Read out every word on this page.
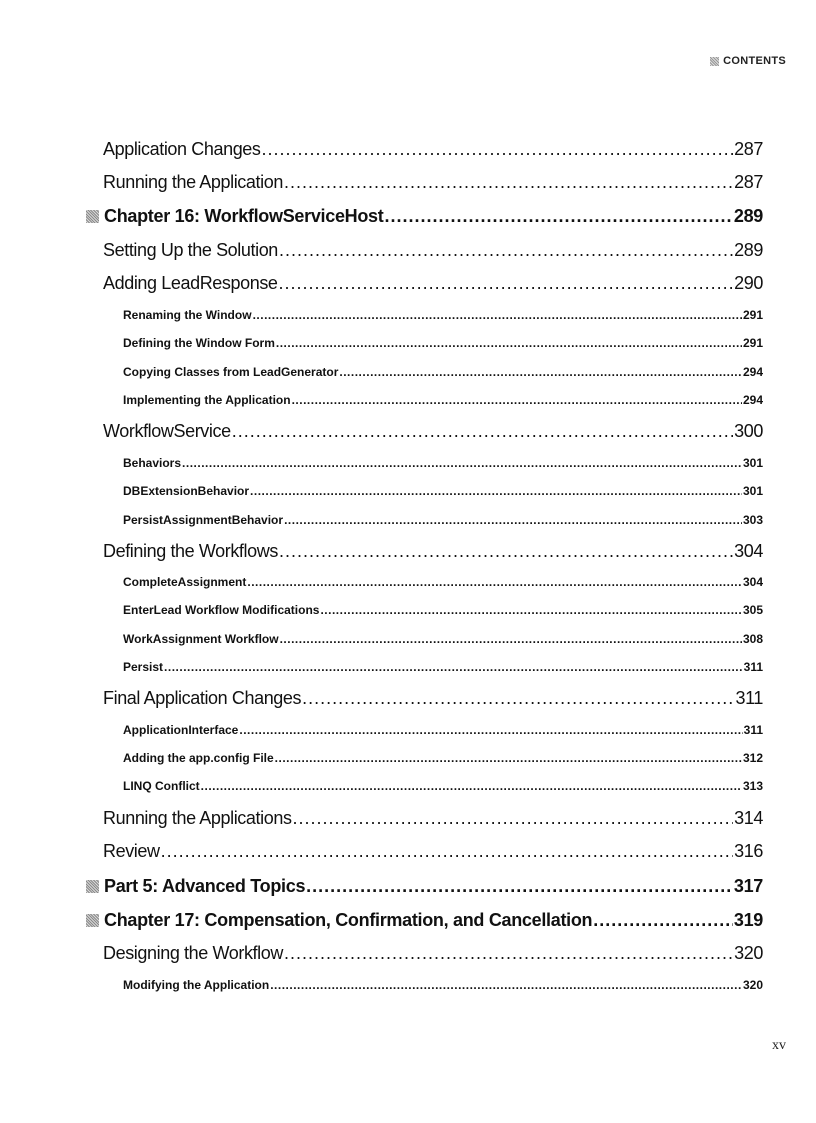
CONTENTS
Application Changes .....	287
Running the Application .....	287
Chapter 16: WorkflowServiceHost .....	289
Setting Up the Solution .....	289
Adding LeadResponse .....	290
Renaming the Window .....	291
Defining the Window Form .....	291
Copying Classes from LeadGenerator .....	294
Implementing the Application .....	294
WorkflowService .....	300
Behaviors .....	301
DBExtensionBehavior .....	301
PersistAssignmentBehavior .....	303
Defining the Workflows .....	304
CompleteAssignment .....	304
EnterLead Workflow Modifications .....	305
WorkAssignment Workflow .....	308
Persist .....	311
Final Application Changes .....	311
ApplicationInterface .....	311
Adding the app.config File .....	312
LINQ Conflict .....	313
Running the Applications .....	314
Review .....	316
Part 5: Advanced Topics .....	317
Chapter 17: Compensation, Confirmation, and Cancellation .....	319
Designing the Workflow .....	320
Modifying the Application .....	320
xv
